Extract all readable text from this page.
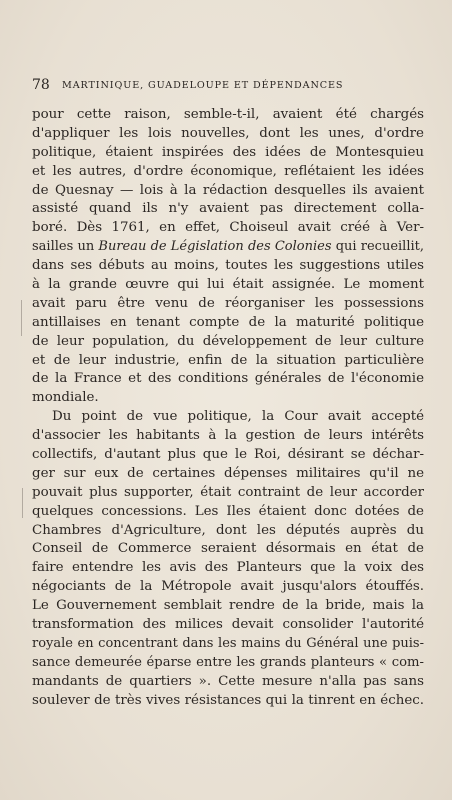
78 MARTINIQUE, GUADELOUPE ET DÉPENDANCES
pour cette raison, semble-t-il, avaient été chargés
d'appliquer les lois nouvelles, dont les unes, d'ordre
politique, étaient inspirées des idées de Montesquieu
et les autres, d'ordre économique, reflétaient les idées
de Quesnay — lois à la rédaction desquelles ils avaient
assisté quand ils n'y avaient pas directement colla-
boré. Dès 1761, en effet, Choiseul avait créé à Ver-
sailles un Bureau de Législation des Colonies qui recueillit,
dans ses débuts au moins, toutes les suggestions utiles
à la grande œuvre qui lui était assignée. Le moment
avait paru être venu de réorganiser les possessions
antillaises en tenant compte de la maturité politique
de leur population, du développement de leur culture
et de leur industrie, enfin de la situation particulière
de la France et des conditions générales de l'économie
mondiale.
Du point de vue politique, la Cour avait accepté
d'associer les habitants à la gestion de leurs intérêts
collectifs, d'autant plus que le Roi, désirant se déchar-
ger sur eux de certaines dépenses militaires qu'il ne
pouvait plus supporter, était contraint de leur accorder
quelques concessions. Les Iles étaient donc dotées de
Chambres d'Agriculture, dont les députés auprès du
Conseil de Commerce seraient désormais en état de
faire entendre les avis des Planteurs que la voix des
négociants de la Métropole avait jusqu'alors étouffés.
Le Gouvernement semblait rendre de la bride, mais la
transformation des milices devait consolider l'autorité
royale en concentrant dans les mains du Général une puis-
sance demeurée éparse entre les grands planteurs « com-
mandants de quartiers ». Cette mesure n'alla pas sans
soulever de très vives résistances qui la tinrent en échec.
